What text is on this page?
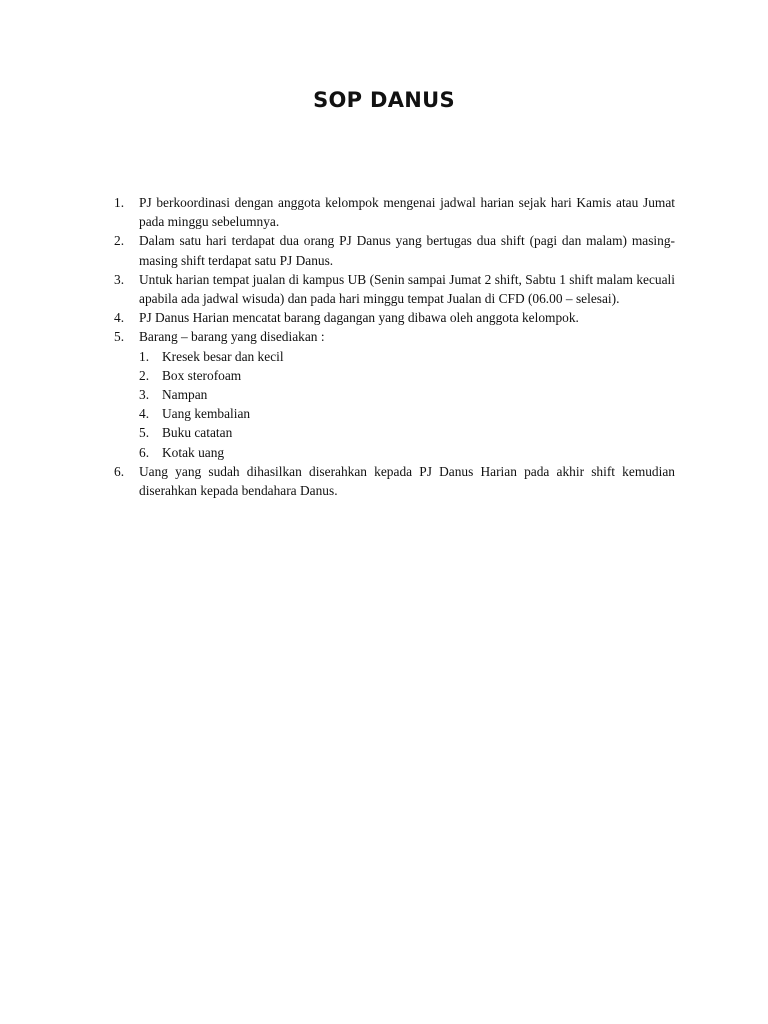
SOP DANUS
1.	PJ berkoordinasi dengan anggota kelompok mengenai jadwal harian sejak hari Kamis atau Jumat pada minggu sebelumnya.
2.	Dalam satu hari terdapat dua orang PJ Danus yang bertugas dua shift (pagi dan malam) masing-masing shift terdapat satu PJ Danus.
3.	Untuk harian tempat jualan di kampus UB (Senin sampai Jumat 2 shift, Sabtu 1 shift malam kecuali apabila ada jadwal wisuda) dan pada hari minggu tempat Jualan di CFD (06.00 – selesai).
4.	PJ Danus Harian mencatat barang dagangan yang dibawa oleh anggota kelompok.
5.	Barang – barang yang disediakan :
1. Kresek besar dan kecil
2. Box sterofoam
3. Nampan
4. Uang kembalian
5. Buku catatan
6. Kotak uang
6.	Uang yang sudah dihasilkan diserahkan kepada PJ Danus Harian pada akhir shift kemudian diserahkan kepada bendahara Danus.
